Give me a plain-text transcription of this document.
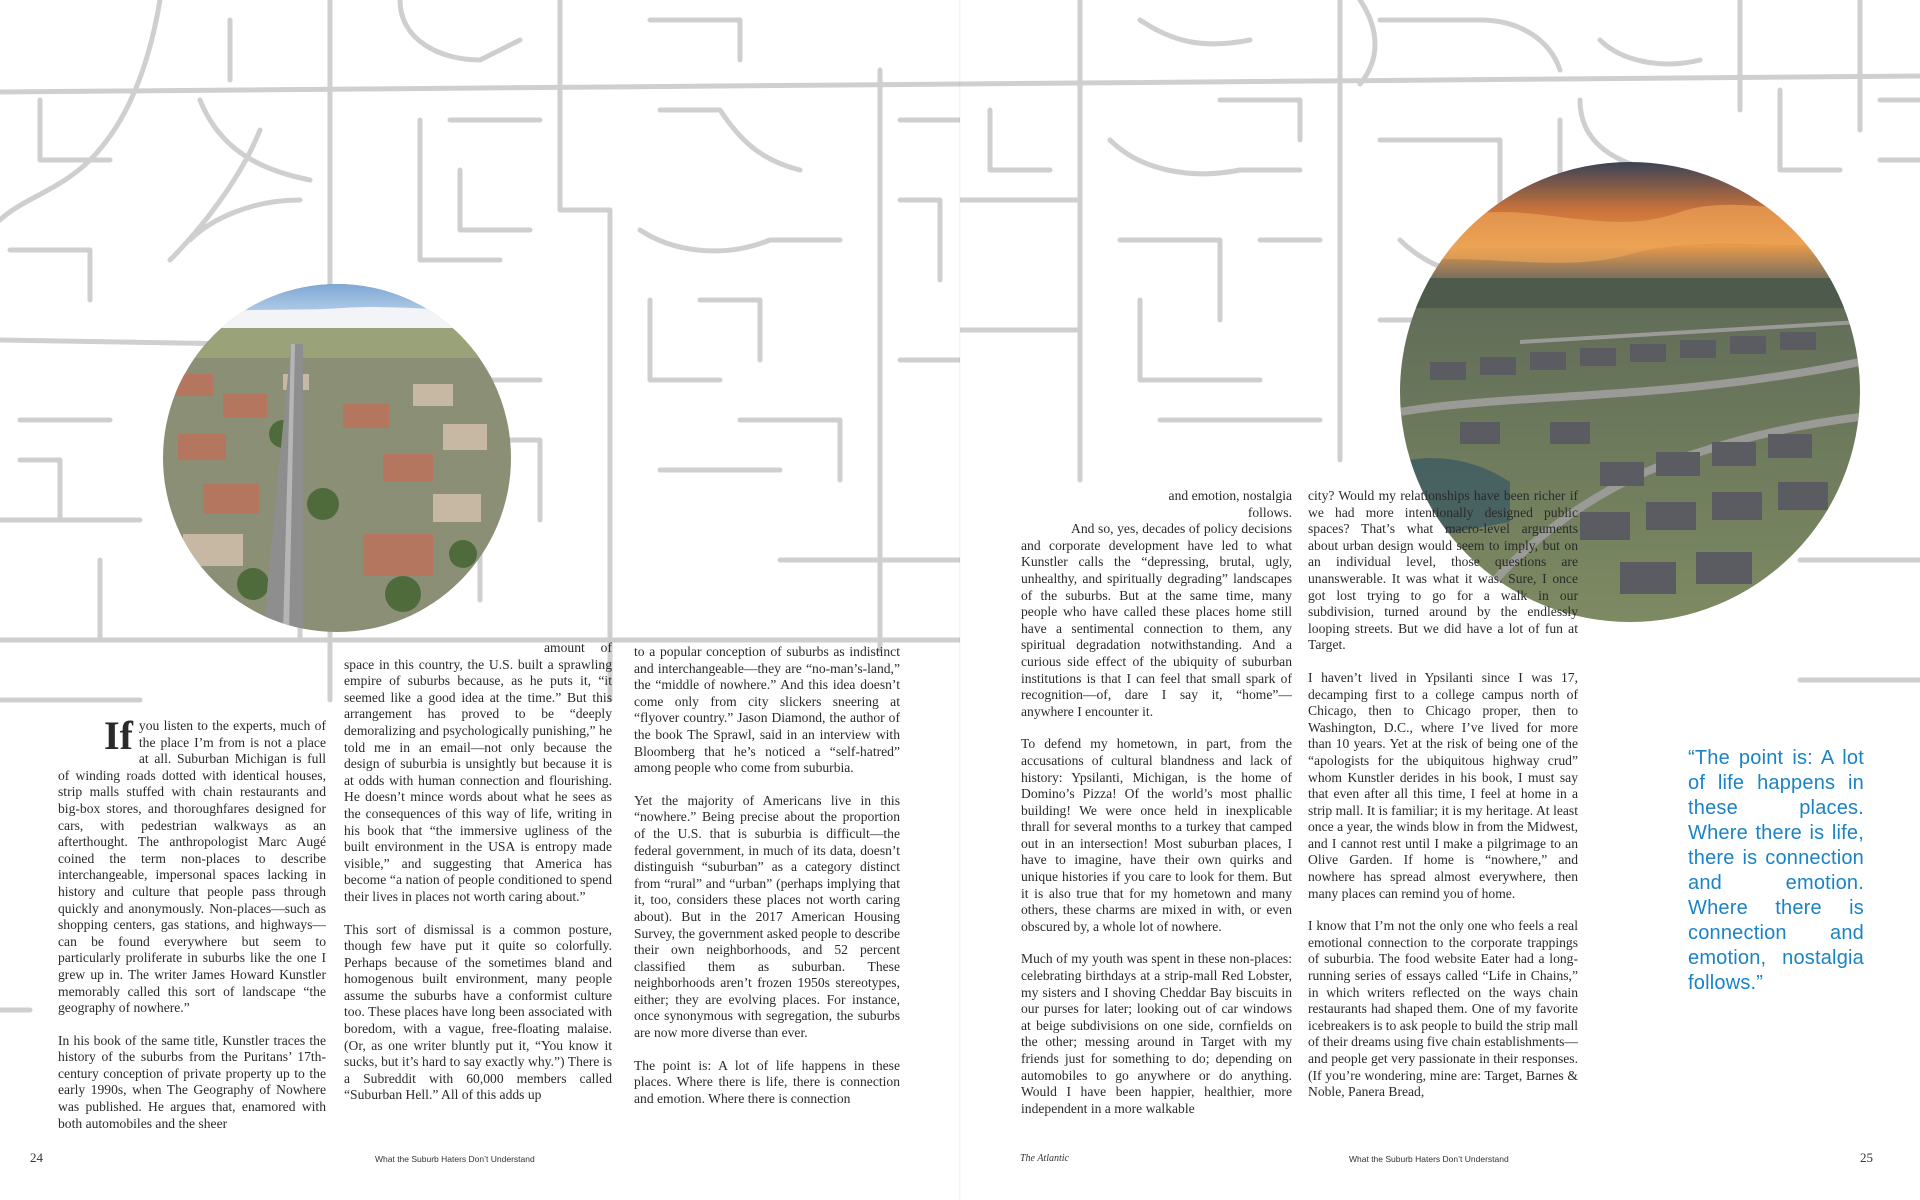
If you listen to the experts, much of the place I’m from is not a place at all. Suburban Michigan is full of winding roads dotted with identical houses, strip malls stuffed with chain restaurants and big-box stores, and thoroughfares designed for cars, with pedestrian walkways as an afterthought. The anthropologist Marc Augé coined the term non-places to describe interchangeable, impersonal spaces lacking in history and culture that people pass through quickly and anonymously. Non-places—such as shopping centers, gas stations, and highways—can be found everywhere but seem to particularly proliferate in suburbs like the one I grew up in. The writer James Howard Kunstler memorably called this sort of landscape “the geography of nowhere.”

In his book of the same title, Kunstler traces the history of the suburbs from the Puritans’ 17th-century conception of private property up to the early 1990s, when The Geography of Nowhere was published. He argues that, enamored with both automobiles and the sheer

amount of space in this country, the U.S. built a sprawling empire of suburbs because, as he puts it, “it seemed like a good idea at the time.” But this arrangement has proved to be “deeply demoralizing and psychologically punishing,” he told me in an email—not only because the design of suburbia is unsightly but because it is at odds with human connection and flourishing. He doesn’t mince words about what he sees as the consequences of this way of life, writing in his book that “the immersive ugliness of the built environment in the USA is entropy made visible,” and suggesting that America has become “a nation of people conditioned to spend their lives in places not worth caring about.”

This sort of dismissal is a common posture, though few have put it quite so colorfully. Perhaps because of the sometimes bland and homogenous built environment, many people assume the suburbs have a conformist culture too. These places have long been associated with boredom, with a vague, free-floating malaise. (Or, as one writer bluntly put it, “You know it sucks, but it’s hard to say exactly why.”) There is a Subreddit with 60,000 members called “Suburban Hell.” All of this adds up

to a popular conception of suburbs as indistinct and interchangeable—they are “no-man’s-land,” the “middle of nowhere.” And this idea doesn’t come only from city slickers sneering at “flyover country.” Jason Diamond, the author of the book The Sprawl, said in an interview with Bloomberg that he’s noticed a “self-hatred” among people who come from suburbia.

Yet the majority of Americans live in this “nowhere.” Being precise about the proportion of the U.S. that is suburbia is difficult—the federal government, in much of its data, doesn’t distinguish “suburban” as a category distinct from “rural” and “urban” (perhaps implying that it, too, considers these places not worth caring about). But in the 2017 American Housing Survey, the government asked people to describe their own neighborhoods, and 52 percent classified them as suburban. These neighborhoods aren’t frozen 1950s stereotypes, either; they are evolving places. For instance, once synonymous with segregation, the suburbs are now more diverse than ever.

The point is: A lot of life happens in these places. Where there is life, there is connection and emotion. Where there is connection

24	What the Suburb Haters Don’t Understand

and emotion, nostalgia follows.

And so, yes, decades of policy decisions and corporate development have led to what Kunstler calls the “depressing, brutal, ugly, unhealthy, and spiritually degrading” landscapes of the suburbs. But at the same time, many people who have called these places home still have a sentimental connection to them, any spiritual degradation notwithstanding. And a curious side effect of the ubiquity of suburban institutions is that I can feel that small spark of recognition—of, dare I say it, “home”—anywhere I encounter it.

To defend my hometown, in part, from the accusations of cultural blandness and lack of history: Ypsilanti, Michigan, is the home of Domino’s Pizza! Of the world’s most phallic building! We were once held in inexplicable thrall for several months to a turkey that camped out in an intersection! Most suburban places, I have to imagine, have their own quirks and unique histories if you care to look for them. But it is also true that for my hometown and many others, these charms are mixed in with, or even obscured by, a whole lot of nowhere.

Much of my youth was spent in these non-places: celebrating birthdays at a strip-mall Red Lobster, my sisters and I shoving Cheddar Bay biscuits in our purses for later; looking out of car windows at beige subdivisions on one side, cornfields on the other; messing around in Target with my friends just for something to do; depending on automobiles to go anywhere or do anything. Would I have been happier, healthier, more independent in a more walkable

city? Would my relationships have been richer if we had more intentionally designed public spaces? That’s what macro-level arguments about urban design would seem to imply, but on an individual level, those questions are unanswerable. It was what it was. Sure, I once got lost trying to go for a walk in our subdivision, turned around by the endlessly looping streets. But we did have a lot of fun at Target.

I haven’t lived in Ypsilanti since I was 17, decamping first to a college campus north of Chicago, then to Chicago proper, then to Washington, D.C., where I’ve lived for more than 10 years. Yet at the risk of being one of the “apologists for the ubiquitous highway crud” whom Kunstler derides in his book, I must say that even after all this time, I feel at home in a strip mall. It is familiar; it is my heritage. At least once a year, the winds blow in from the Midwest, and I cannot rest until I make a pilgrimage to an Olive Garden. If home is “nowhere,” and nowhere has spread almost everywhere, then many places can remind you of home.

I know that I’m not the only one who feels a real emotional connection to the corporate trappings of suburbia. The food website Eater had a long-running series of essays called “Life in Chains,” in which writers reflected on the ways chain restaurants had shaped them. One of my favorite icebreakers is to ask people to build the strip mall of their dreams using five chain establishments—and people get very passionate in their responses. (If you’re wondering, mine are: Target, Barnes & Noble, Panera Bread,

The Atlantic	What the Suburb Haters Don’t Understand	25
“The point is: A lot of life happens in these places. Where there is life, there is connection and emotion. Where there is connection and emotion, nostalgia follows.”
